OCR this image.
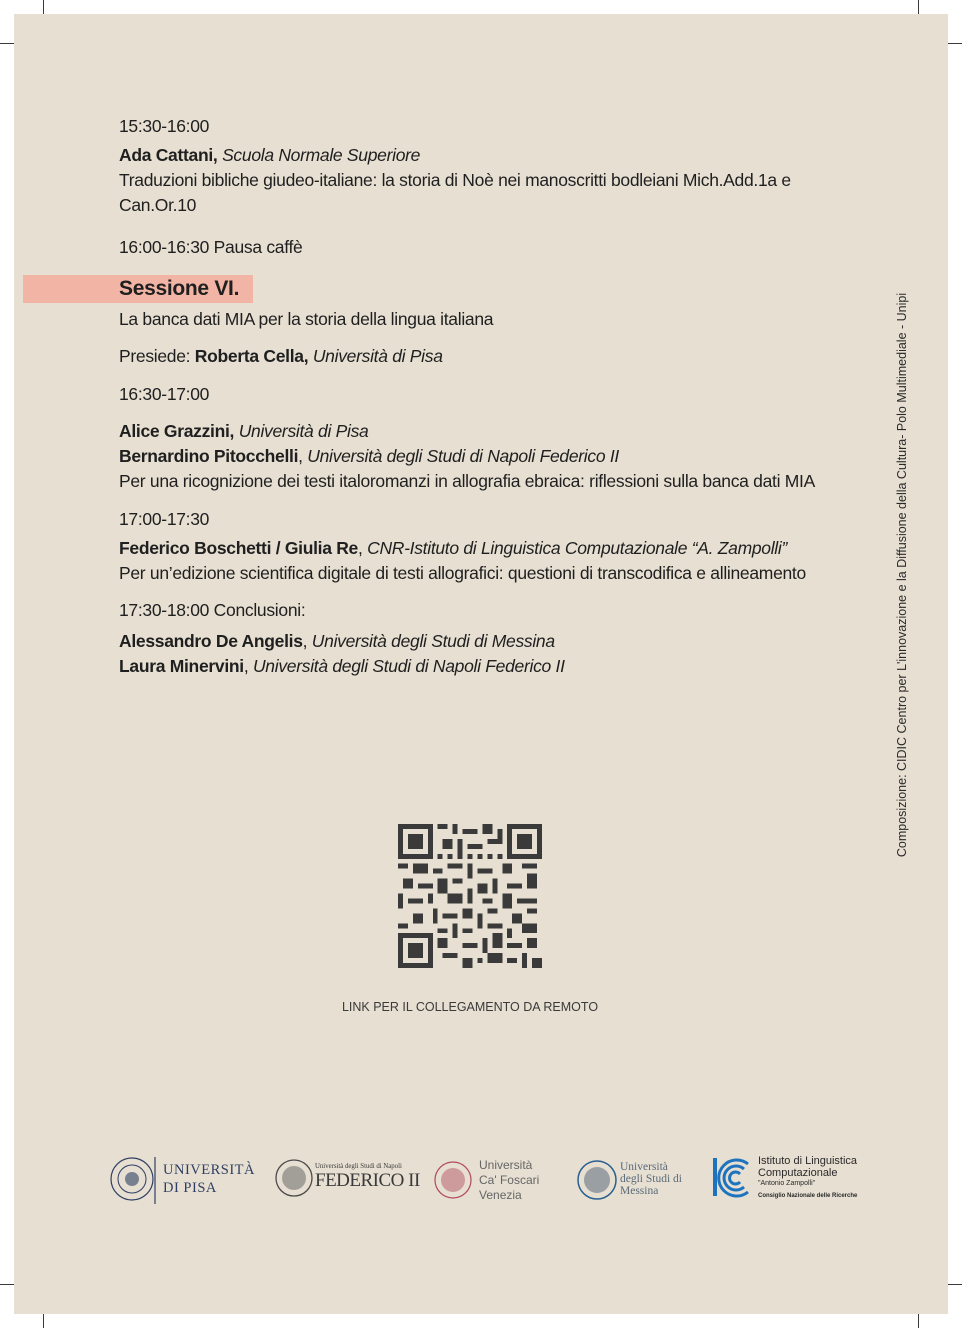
Sessione VI.
15:30-16:00
Ada Cattani, Scuola Normale Superiore
Traduzioni bibliche giudeo-italiane: la storia di Noè nei manoscritti bodleiani Mich.Add.1a e
Can.Or.10
16:00-16:30 Pausa caffè
La banca dati MIA per la storia della lingua italiana
Presiede: Roberta Cella, Università di Pisa
16:30-17:00
Alice Grazzini, Università di Pisa
Bernardino Pitocchelli, Università degli Studi di Napoli Federico II
Per una ricognizione dei testi italoromanzi in allografia ebraica: riflessioni sulla banca dati MIA
17:00-17:30
Federico Boschetti / Giulia Re, CNR-Istituto di Linguistica Computazionale “A. Zampolli”
Per un’edizione scientifica digitale di testi allografici: questioni di transcodifica e allineamento
17:30-18:00 Conclusioni:
Alessandro De Angelis, Università degli Studi di Messina
Laura Minervini, Università degli Studi di Napoli Federico II	Composizione: CIDIC Centro per L'innovazione e la Diffusione della Cultura- Polo Multimediale - Unipi
LINK PER IL COLLEGAMENTO DA REMOTO
UNIVERSITÀ
DI PISA
Università degli Studi di Napoli
FEDERICO II
Università
Ca' Foscari
Venezia
Università
degli Studi di
Messina
Istituto di Linguistica
Computazionale
"Antonio Zampolli"
Consiglio Nazionale delle Ricerche
